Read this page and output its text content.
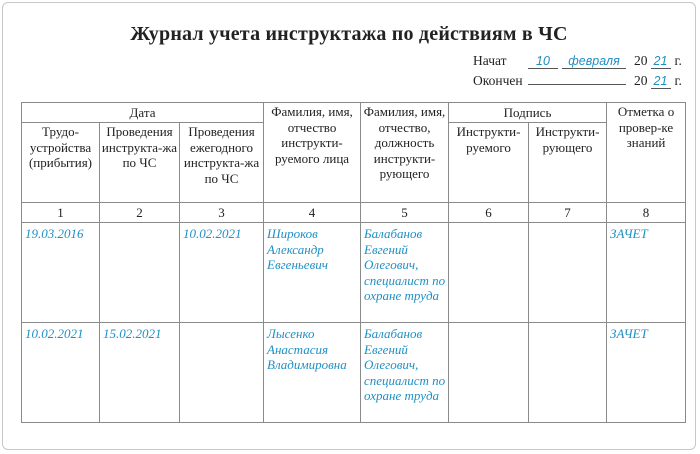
Журнал учета инструктажа по действиям в ЧС
Начат	10	февраля	20 21 г.
Окончен	20 21 г.
Дата			Фамилия, имя, отчество инструкти-руемого лица	Фамилия, имя, отчество, должность инструкти-рующего	Подпись		Отметка о провер-ке знаний
Трудо-устройства (прибытия)	Проведения инструкта-жа по ЧС	Проведения ежегодного инструкта-жа по ЧС			Инструкти-руемого	Инструкти-рующего	
1	2	3	4	5	6	7	8
19.03.2016		10.02.2021	Широков Александр Евгеньевич	Балабанов Евгений Олегович, специалист по охране труда			ЗАЧЕТ
10.02.2021	15.02.2021		Лысенко Анастасия Владимировна	Балабанов Евгений Олегович, специалист по охране труда			ЗАЧЕТ
